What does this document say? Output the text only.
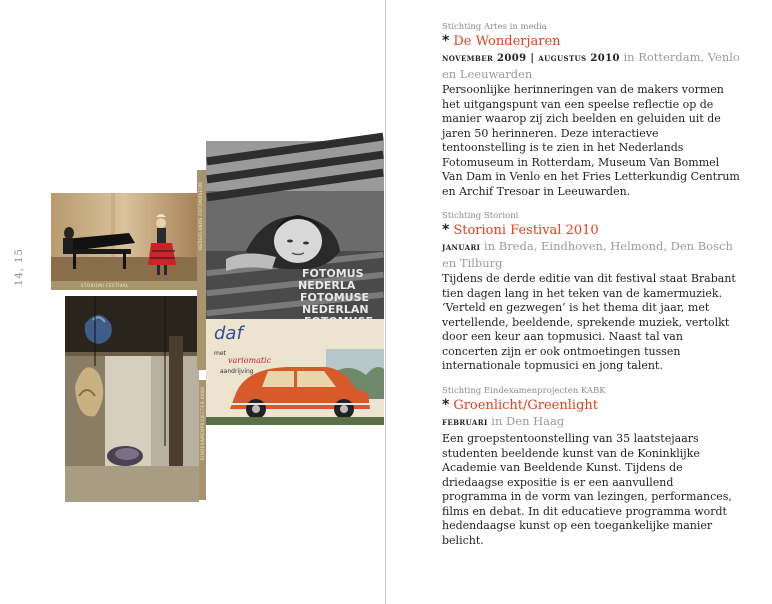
14, 15	STORIONI FESTIVAL
NEDERLANDS FOTOMUSEUM
EINDEXAMENPROJECTEN KABK
FOTOMUS
NEDERLA
FOTOMUSE
NEDERLAN
daf
met
variomatic
aandrijving

Stichting Artes in media

* De Wonderjaren

november 2009 | augustus 2010 in Rotterdam, Venlo en Leeuwarden

Persoonlijke herinneringen van de makers vormen het uitgangspunt van een speelse reflectie op de manier waarop zij zich beelden en geluiden uit de jaren 50 herinneren. Deze interactieve tentoonstelling is te zien in het Nederlands Fotomuseum in Rotterdam, Museum Van Bommel Van Dam in Venlo en het Fries Letterkundig Centrum en Archif Tresoar in Leeuwarden.

Stichting Storioni

* Storioni Festival 2010

januari in Breda, Eindhoven, Helmond, Den Bosch en Tilburg

Tijdens de derde editie van dit festival staat Brabant tien dagen lang in het teken van de kamermuziek. ‘Verteld en gezwegen’ is het thema dit jaar, met vertellende, beeldende, sprekende muziek, vertolkt door een keur aan topmusici. Naast tal van concerten zijn er ook ontmoetingen tussen internationale topmusici en jong talent.

Stichting Eindexamenprojecten KABK

* Groenlicht/Greenlight

februari in Den Haag

Een groepstentoonstelling van 35 laatstejaars studenten beeldende kunst van de Koninklijke Academie van Beeldende Kunst. Tijdens de driedaagse expositie is er een aanvullend programma in de vorm van lezingen, performances, films en debat. In dit educatieve programma wordt hedendaagse kunst op een toegankelijke manier belicht.
